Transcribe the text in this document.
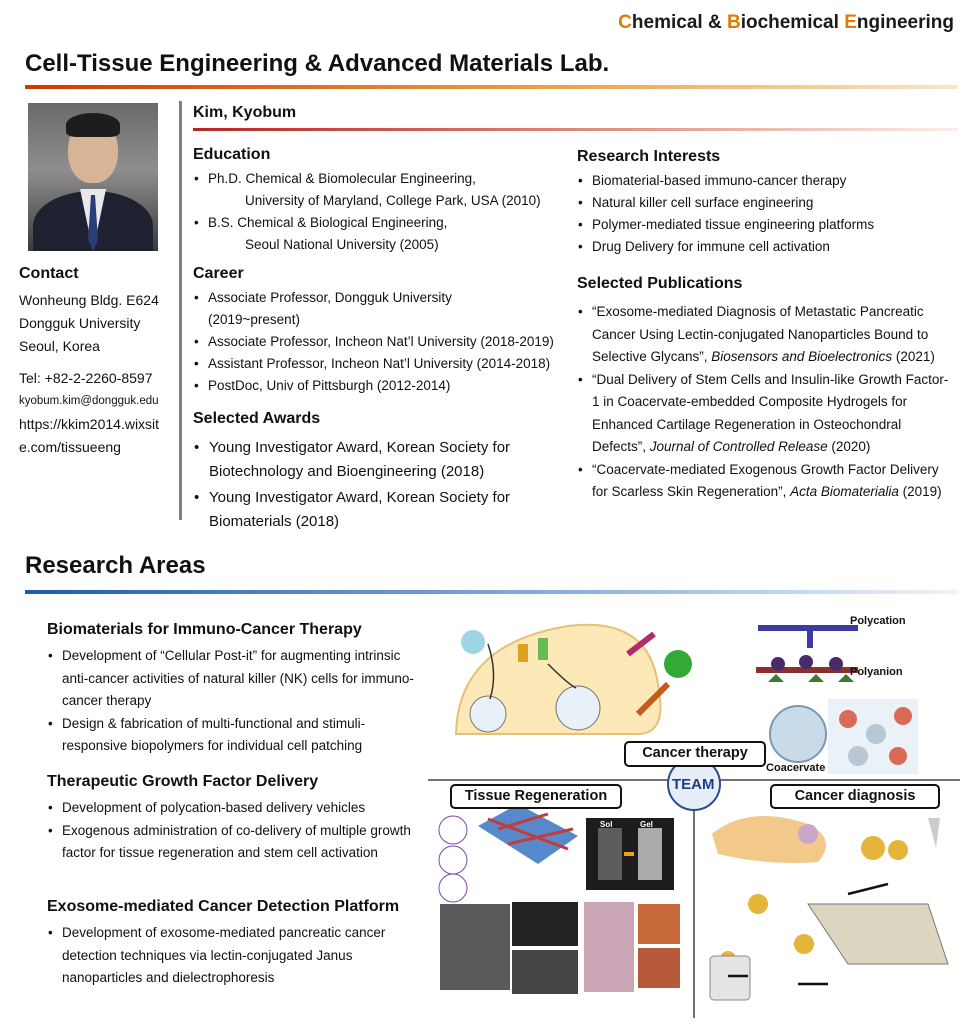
Chemical & Biochemical Engineering
Cell-Tissue Engineering & Advanced Materials Lab.
Contact
Wonheung Bldg. E624
Dongguk University
Seoul, Korea
Tel: +82-2-2260-8597
kyobum.kim@dongguk.edu
https://kkim2014.wixsit
e.com/tissueeng
Kim, Kyobum
Education
• Ph.D. Chemical & Biomolecular Engineering,
University of Maryland, College Park, USA (2010)
• B.S. Chemical & Biological Engineering,
Seoul National University (2005)
Career
• Associate Professor, Dongguk University (2019~present)
• Associate Professor, Incheon Nat’l University (2018-2019)
• Assistant Professor, Incheon Nat’l University (2014-2018)
• PostDoc, Univ of Pittsburgh (2012-2014)
Selected Awards
• Young Investigator Award, Korean Society for Biotechnology and Bioengineering (2018)
• Young Investigator Award, Korean Society for Biomaterials (2018)
Research Interests
• Biomaterial-based immuno-cancer therapy
• Natural killer cell surface engineering
• Polymer-mediated tissue engineering platforms
• Drug Delivery for immune cell activation
Selected Publications
• “Exosome-mediated Diagnosis of Metastatic Pancreatic Cancer Using Lectin-conjugated Nanoparticles Bound to Selective Glycans”, Biosensors and Bioelectronics (2021)
• “Dual Delivery of Stem Cells and Insulin-like Growth Factor-1 in Coacervate-embedded Composite Hydrogels for Enhanced Cartilage Regeneration in Osteochondral Defects”, Journal of Controlled Release (2020)
• “Coacervate-mediated Exogenous Growth Factor Delivery for Scarless Skin Regeneration”, Acta Biomaterialia (2019)
Research Areas
Biomaterials for Immuno-Cancer Therapy
• Development of “Cellular Post-it” for augmenting intrinsic anti-cancer activities of natural killer (NK) cells for immuno-cancer therapy
• Design & fabrication of multi-functional and stimuli-responsive biopolymers for individual cell patching
Therapeutic Growth Factor Delivery
• Development of polycation-based delivery vehicles
• Exogenous administration of co-delivery of multiple growth factor for tissue regeneration and stem cell activation
Exosome-mediated Cancer Detection Platform
• Development of exosome-mediated pancreatic cancer detection techniques via lectin-conjugated Janus nanoparticles and dielectrophoresis
Polycation
Polyanion
Coacervate
Sol	Gel
TEAM
Cancer therapy
Tissue Regeneration	Cancer diagnosis
